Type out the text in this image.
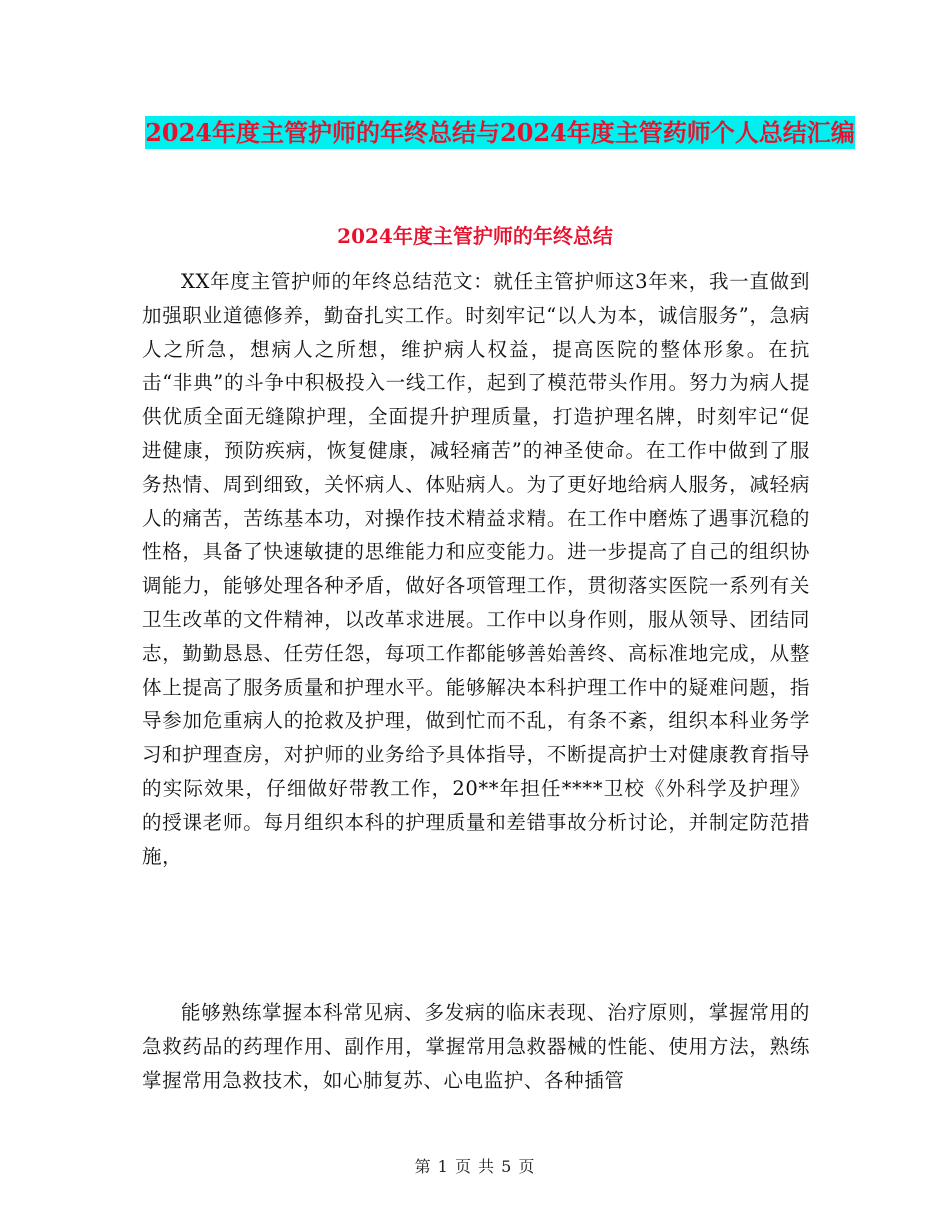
2024年度主管护师的年终总结与2024年度主管药师个人总结汇编
2024年度主管护师的年终总结

XX年度主管护师的年终总结范文：就任主管护师这3年来，我一直做到加强职业道德修养，勤奋扎实工作。时刻牢记“以人为本，诚信服务”，急病人之所急，想病人之所想，维护病人权益，提高医院的整体形象。在抗击“非典”的斗争中积极投入一线工作，起到了模范带头作用。努力为病人提供优质全面无缝隙护理，全面提升护理质量，打造护理名牌，时刻牢记“促进健康，预防疾病，恢复健康，减轻痛苦”的神圣使命。在工作中做到了服务热情、周到细致，关怀病人、体贴病人。为了更好地给病人服务，减轻病人的痛苦，苦练基本功，对操作技术精益求精。在工作中磨炼了遇事沉稳的性格，具备了快速敏捷的思维能力和应变能力。进一步提高了自己的组织协调能力，能够处理各种矛盾，做好各项管理工作，贯彻落实医院一系列有关卫生改革的文件精神，以改革求进展。工作中以身作则，服从领导、团结同志，勤勤恳恳、任劳任怨，每项工作都能够善始善终、高标准地完成，从整体上提高了服务质量和护理水平。能够解决本科护理工作中的疑难问题，指导参加危重病人的抢救及护理，做到忙而不乱，有条不紊，组织本科业务学习和护理查房，对护师的业务给予具体指导，不断提高护士对健康教育指导的实际效果，仔细做好带教工作，20**年担任****卫校《外科学及护理》的授课老师。每月组织本科的护理质量和差错事故分析讨论，并制定防范措施，

能够熟练掌握本科常见病、多发病的临床表现、治疗原则，掌握常用的急救药品的药理作用、副作用，掌握常用急救器械的性能、使用方法，熟练掌握常用急救技术，如心肺复苏、心电监护、各种插管

第 1 页 共 5 页
